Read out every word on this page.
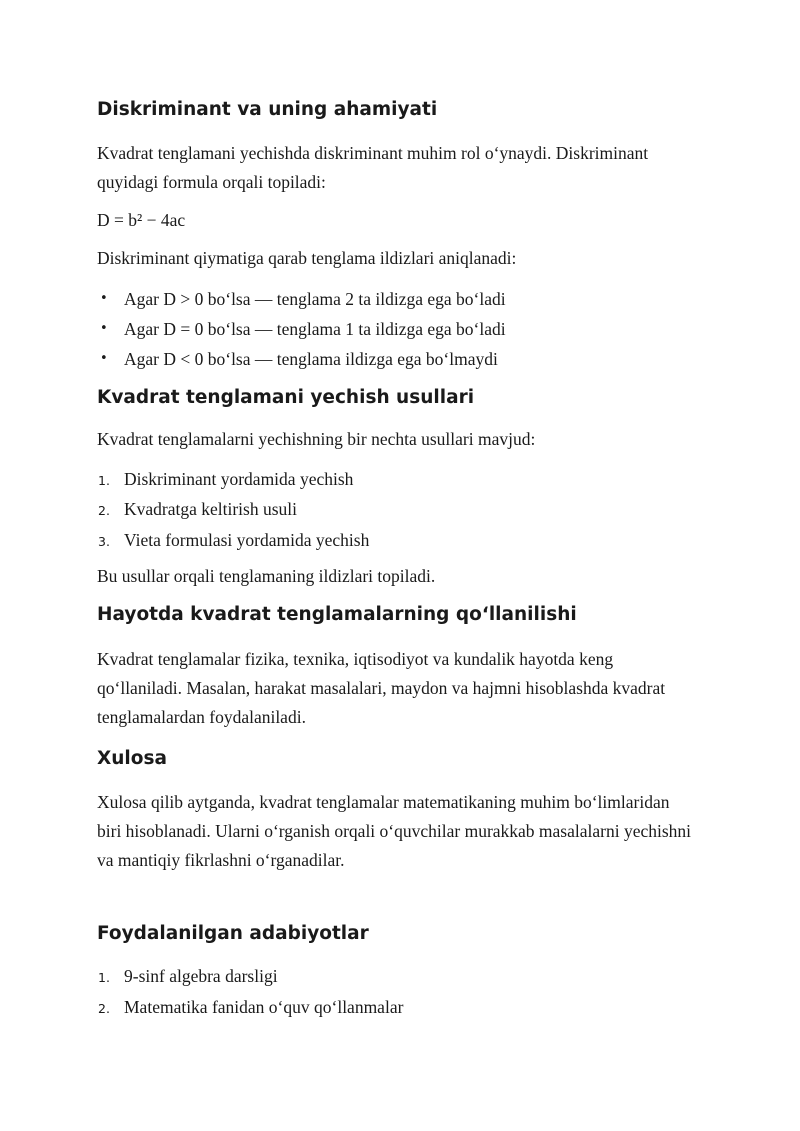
Diskriminant va uning ahamiyati

Kvadrat tenglamani yechishda diskriminant muhim rol o‘ynaydi. Diskriminant quyidagi formula orqali topiladi:

D = b² − 4ac

Diskriminant qiymatiga qarab tenglama ildizlari aniqlanadi:

• Agar D > 0 bo‘lsa — tenglama 2 ta ildizga ega bo‘ladi
• Agar D = 0 bo‘lsa — tenglama 1 ta ildizga ega bo‘ladi
• Agar D < 0 bo‘lsa — tenglama ildizga ega bo‘lmaydi
Kvadrat tenglamani yechish usullari

Kvadrat tenglamalarni yechishning bir nechta usullari mavjud:

1. Diskriminant yordamida yechish
2. Kvadratga keltirish usuli
3. Vieta formulasi yordamida yechish

Bu usullar orqali tenglamaning ildizlari topiladi.

Hayotda kvadrat tenglamalarning qo‘llanilishi

Kvadrat tenglamalar fizika, texnika, iqtisodiyot va kundalik hayotda keng qo‘llaniladi. Masalan, harakat masalalari, maydon va hajmni hisoblashda kvadrat tenglamalardan foydalaniladi.

Xulosa

Xulosa qilib aytganda, kvadrat tenglamalar matematikaning muhim bo‘limlaridan biri hisoblanadi. Ularni o‘rganish orqali o‘quvchilar murakkab masalalarni yechishni va mantiqiy fikrlashni o‘rganadilar.

Foydalanilgan adabiyotlar
1. 9-sinf algebra darsligi
2. Matematika fanidan o‘quv qo‘llanmalar
